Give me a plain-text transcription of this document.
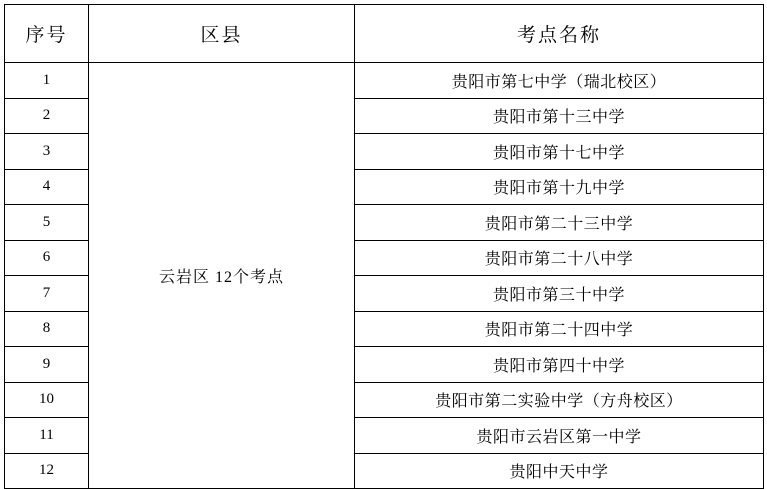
序号	区县	考点名称
1	云岩区 12个考点	贵阳市第七中学（瑞北校区）
2		贵阳市第十三中学
3		贵阳市第十七中学
4		贵阳市第十九中学
5		贵阳市第二十三中学
6		贵阳市第二十八中学
7		贵阳市第三十中学
8		贵阳市第二十四中学
9		贵阳市第四十中学
10		贵阳市第二实验中学（方舟校区）
11		贵阳市云岩区第一中学
12		贵阳中天中学
